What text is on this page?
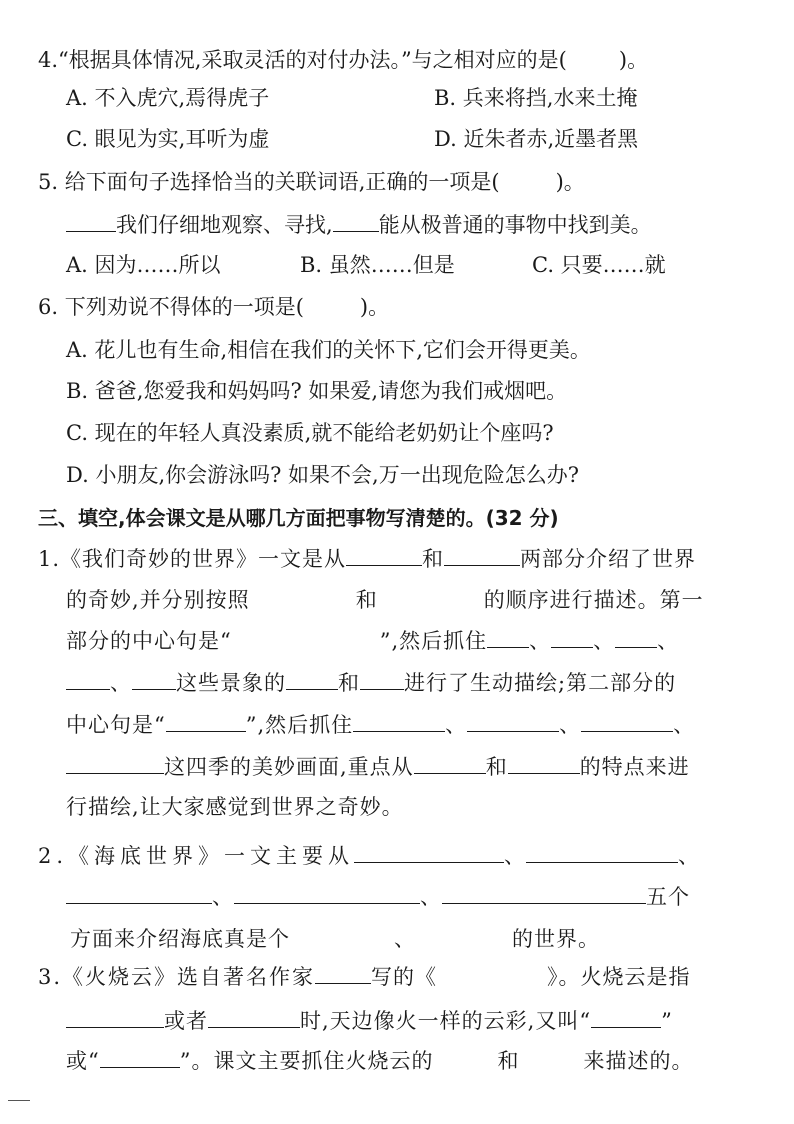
4.“根据具体情况,采取灵活的对付办法。”与之相对应的是( )。
A. 不入虎穴,焉得虎子	B. 兵来将挡,水来土掩
C. 眼见为实,耳听为虚	D. 近朱者赤,近墨者黑
5. 给下面句子选择恰当的关联词语,正确的一项是(	)。
我们仔细地观察、寻找, 能从极普通的事物中找到美。
A. 因为……所以	B. 虽然……但是	C. 只要……就
6. 下列劝说不得体的一项是(	)。
A. 花儿也有生命,相信在我们的关怀下,它们会开得更美。
B. 爸爸,您爱我和妈妈吗? 如果爱,请您为我们戒烟吧。
C. 现在的年轻人真没素质,就不能给老奶奶让个座吗?
D. 小朋友,你会游泳吗? 如果不会,万一出现危险怎么办?
三、填空,体会课文是从哪几方面把事物写清楚的。(32 分)
1.《我们奇妙的世界》一文是从	和	两部分介绍了世界
的奇妙,并分别按照	和	的顺序进行描述。第一
部分的中心句是“	”,然后抓住 、 、 、
、 这些景象的 和 进行了生动描绘;第二部分的
中心句是“	”,然后抓住	、	、	、
这四季的美妙画面,重点从	和	的特点来进
行描绘,让大家感觉到世界之奇妙。
2.《海底世界》一文主要从	、	、
、	、	五个
方面来介绍海底真是个	、	的世界。
3.《火烧云》选自著名作家	写的《	》。火烧云是指
或者	时,天边像火一样的云彩,又叫“	”
或“	”。课文主要抓住火烧云的	和	来描述的。
